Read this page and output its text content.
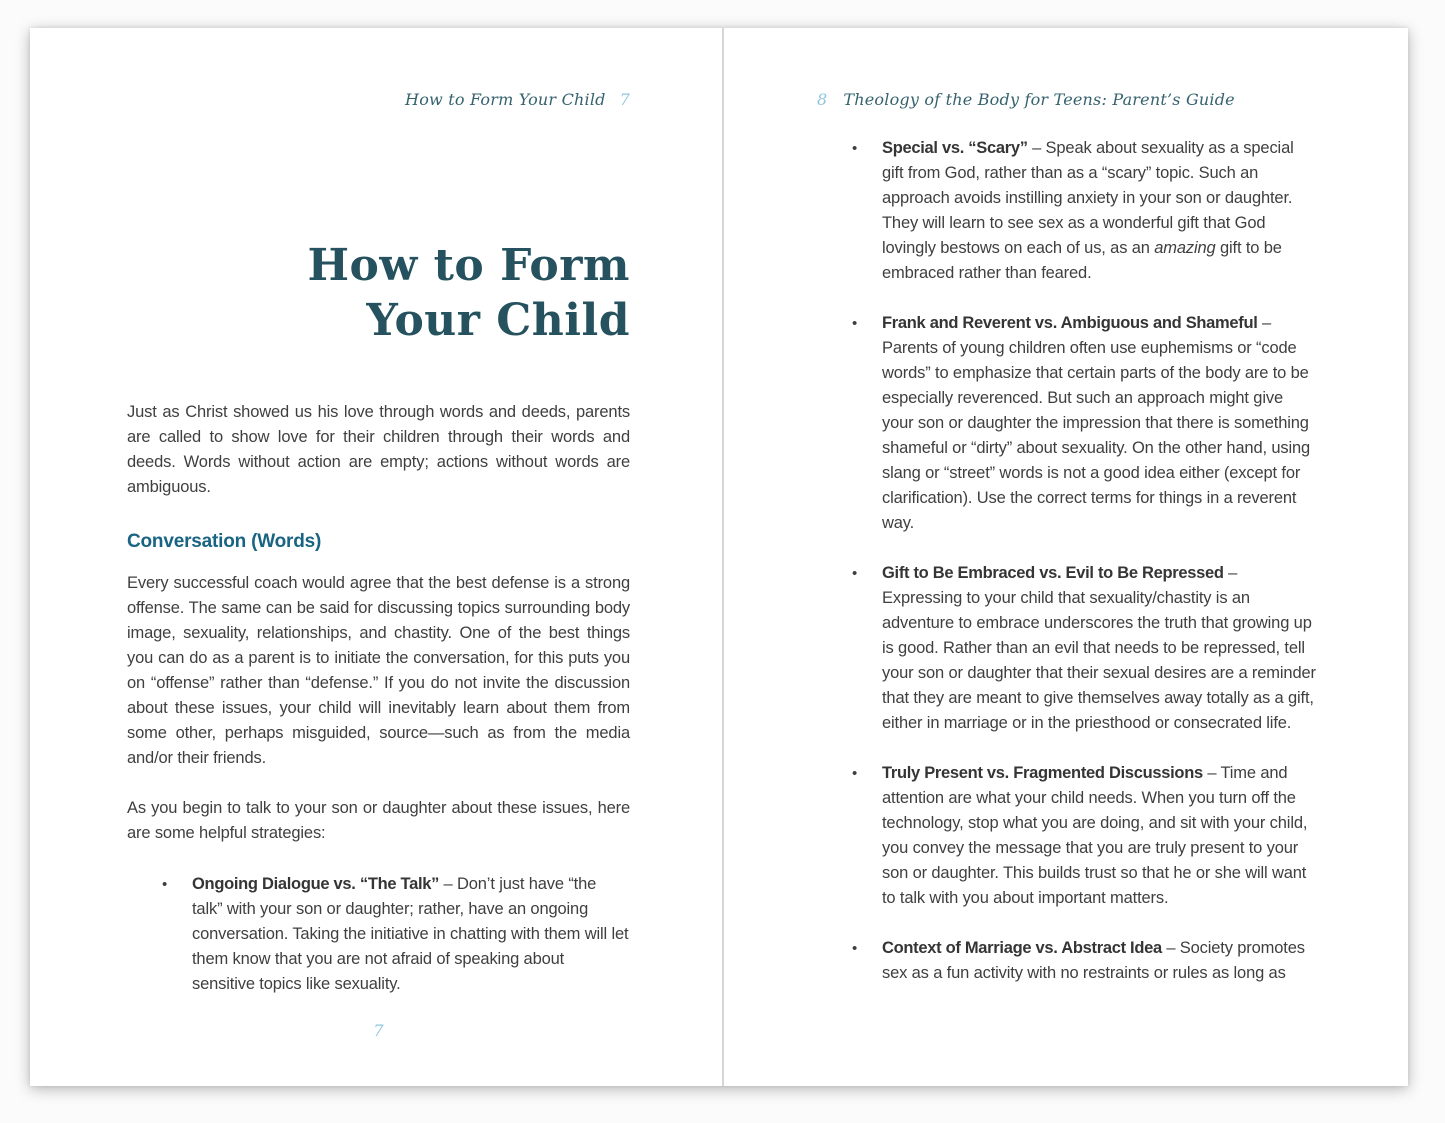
How to Form Your Child 7
How to Form
Your Child

Just as Christ showed us his love through words and deeds, parents are called to show love for their children through their words and deeds. Words without action are empty; actions without words are ambiguous.

Conversation (Words)

Every successful coach would agree that the best defense is a strong offense. The same can be said for discussing topics surrounding body image, sexuality, relationships, and chastity. One of the best things you can do as a parent is to initiate the conversation, for this puts you on “offense” rather than “defense.” If you do not invite the discussion about these issues, your child will inevitably learn about them from some other, perhaps misguided, source—such as from the media and/or their friends.

As you begin to talk to your son or daughter about these issues, here are some helpful strategies:

• Ongoing Dialogue vs. “The Talk” – Don’t just have “the talk” with your son or daughter; rather, have an ongoing conversation. Taking the initiative in chatting with them will let them know that you are not afraid of speaking about sensitive topics like sexuality.
7
8 Theology of the Body for Teens: Parent’s Guide
• Special vs. “Scary” – Speak about sexuality as a special gift from God, rather than as a “scary” topic. Such an approach avoids instilling anxiety in your son or daughter. They will learn to see sex as a wonderful gift that God lovingly bestows on each of us, as an amazing gift to be embraced rather than feared.
• Frank and Reverent vs. Ambiguous and Shameful – Parents of young children often use euphemisms or “code words” to emphasize that certain parts of the body are to be especially reverenced. But such an approach might give your son or daughter the impression that there is something shameful or “dirty” about sexuality. On the other hand, using slang or “street” words is not a good idea either (except for clarification). Use the correct terms for things in a reverent way.
• Gift to Be Embraced vs. Evil to Be Repressed – Expressing to your child that sexuality/chastity is an adventure to embrace underscores the truth that growing up is good. Rather than an evil that needs to be repressed, tell your son or daughter that their sexual desires are a reminder that they are meant to give themselves away totally as a gift, either in marriage or in the priesthood or consecrated life.
• Truly Present vs. Fragmented Discussions – Time and attention are what your child needs. When you turn off the technology, stop what you are doing, and sit with your child, you convey the message that you are truly present to your son or daughter. This builds trust so that he or she will want to talk with you about important matters.
• Context of Marriage vs. Abstract Idea – Society promotes sex as a fun activity with no restraints or rules as long as
